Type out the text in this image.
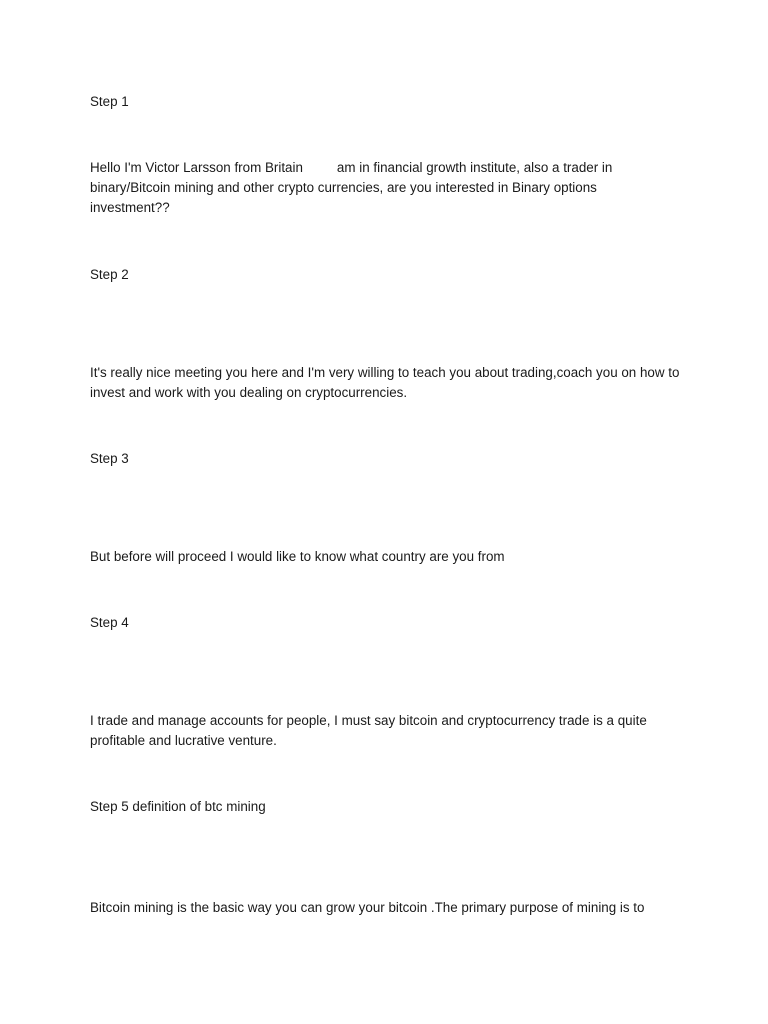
Step 1

Hello I'm Victor Larsson from Britain	am in financial growth institute, also a trader in binary/Bitcoin mining and other crypto currencies, are you interested in Binary options investment??

Step 2

It's really nice meeting you here and I'm very willing to teach you about trading,coach you on how to invest and work with you dealing on cryptocurrencies.

Step 3

But before will proceed I would like to know what country are you from

Step 4

I trade and manage accounts for people, I must say bitcoin and cryptocurrency trade is a quite profitable and lucrative venture.

Step 5 definition of btc mining

Bitcoin mining is the basic way you can grow your bitcoin .The primary purpose of mining is to
